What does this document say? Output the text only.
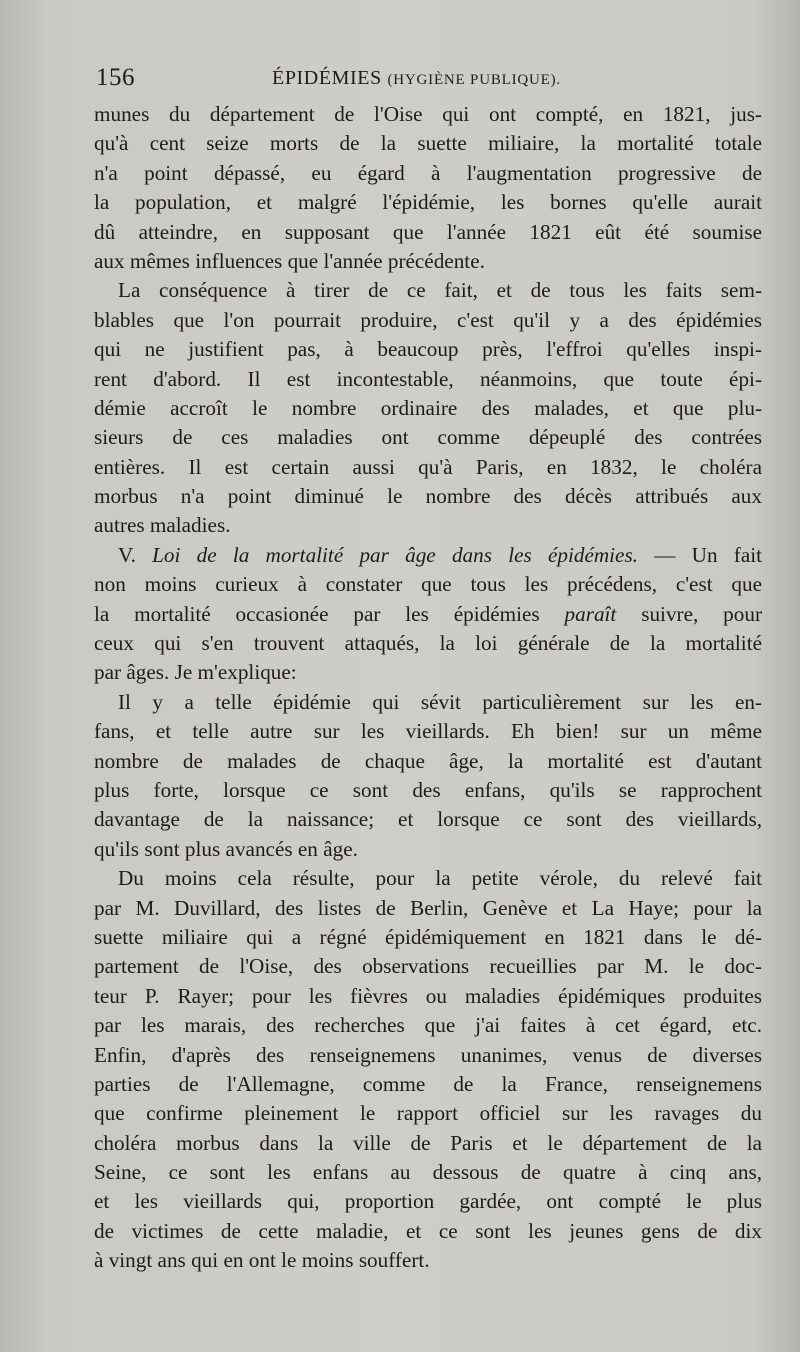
156	ÉPIDÉMIES (HYGIÈNE PUBLIQUE).
munes du département de l'Oise qui ont compté, en 1821, jus-
qu'à cent seize morts de la suette miliaire, la mortalité totale
n'a point dépassé, eu égard à l'augmentation progressive de
la population, et malgré l'épidémie, les bornes qu'elle aurait
dû atteindre, en supposant que l'année 1821 eût été soumise
aux mêmes influences que l'année précédente.
La conséquence à tirer de ce fait, et de tous les faits sem-
blables que l'on pourrait produire, c'est qu'il y a des épidémies
qui ne justifient pas, à beaucoup près, l'effroi qu'elles inspi-
rent d'abord. Il est incontestable, néanmoins, que toute épi-
démie accroît le nombre ordinaire des malades, et que plu-
sieurs de ces maladies ont comme dépeuplé des contrées
entières. Il est certain aussi qu'à Paris, en 1832, le choléra
morbus n'a point diminué le nombre des décès attribués aux
autres maladies.
V. Loi de la mortalité par âge dans les épidémies. — Un fait
non moins curieux à constater que tous les précédens, c'est que
la mortalité occasionée par les épidémies paraît suivre, pour
ceux qui s'en trouvent attaqués, la loi générale de la mortalité
par âges. Je m'explique:
Il y a telle épidémie qui sévit particulièrement sur les en-
fans, et telle autre sur les vieillards. Eh bien! sur un même
nombre de malades de chaque âge, la mortalité est d'autant
plus forte, lorsque ce sont des enfans, qu'ils se rapprochent
davantage de la naissance; et lorsque ce sont des vieillards,
qu'ils sont plus avancés en âge.
Du moins cela résulte, pour la petite vérole, du relevé fait
par M. Duvillard, des listes de Berlin, Genève et La Haye; pour la
suette miliaire qui a régné épidémiquement en 1821 dans le dé-
partement de l'Oise, des observations recueillies par M. le doc-
teur P. Rayer; pour les fièvres ou maladies épidémiques produites
par les marais, des recherches que j'ai faites à cet égard, etc.
Enfin, d'après des renseignemens unanimes, venus de diverses
parties de l'Allemagne, comme de la France, renseignemens
que confirme pleinement le rapport officiel sur les ravages du
choléra morbus dans la ville de Paris et le département de la
Seine, ce sont les enfans au dessous de quatre à cinq ans,
et les vieillards qui, proportion gardée, ont compté le plus
de victimes de cette maladie, et ce sont les jeunes gens de dix
à vingt ans qui en ont le moins souffert.
